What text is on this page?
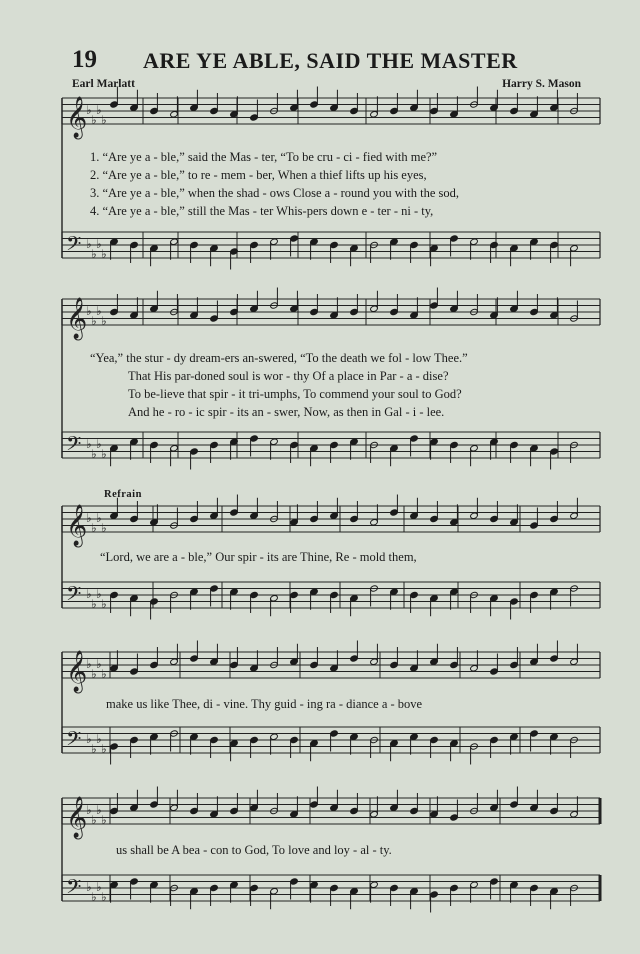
19 ARE YE ABLE, SAID THE MASTER
Earl Marlatt	Harry S. Mason
Refrain
𝄞
♭
♭
♭
♭
𝄢 ♭
♭
♭
♭
𝄞
♭
♭
♭
♭
𝄢 ♭
♭
♭
♭
𝄞
♭
♭
♭
♭
𝄢 ♭
♭
♭
♭
𝄞
♭
♭
♭
♭
𝄢 ♭
♭
♭
♭
𝄞
♭
♭
♭
♭
𝄢 ♭
♭
♭
♭
1. “Are ye a - ble,” said the Mas - ter, “To be cru - ci - fied with me?”
2. “Are ye a - ble,” to re - mem - ber, When a thief lifts up his eyes,
3. “Are ye a - ble,” when the shad - ows Close a - round you with the sod,
4. “Are ye a - ble,” still the Mas - ter Whis-pers down e - ter - ni - ty,
“Yea,” the stur - dy dream-ers an-swered, “To the death we fol - low Thee.”
That His par-doned soul is wor - thy Of a place in Par - a - dise?
To be-lieve that spir - it tri-umphs, To commend your soul to God?
And he - ro - ic spir - its an - swer, Now, as then in Gal - i - lee.
“Lord, we are a - ble,” Our spir - its are Thine, Re - mold them,
make us like Thee, di - vine. Thy guid - ing ra - diance a - bove
us shall be A bea - con to God, To love and loy - al - ty.
